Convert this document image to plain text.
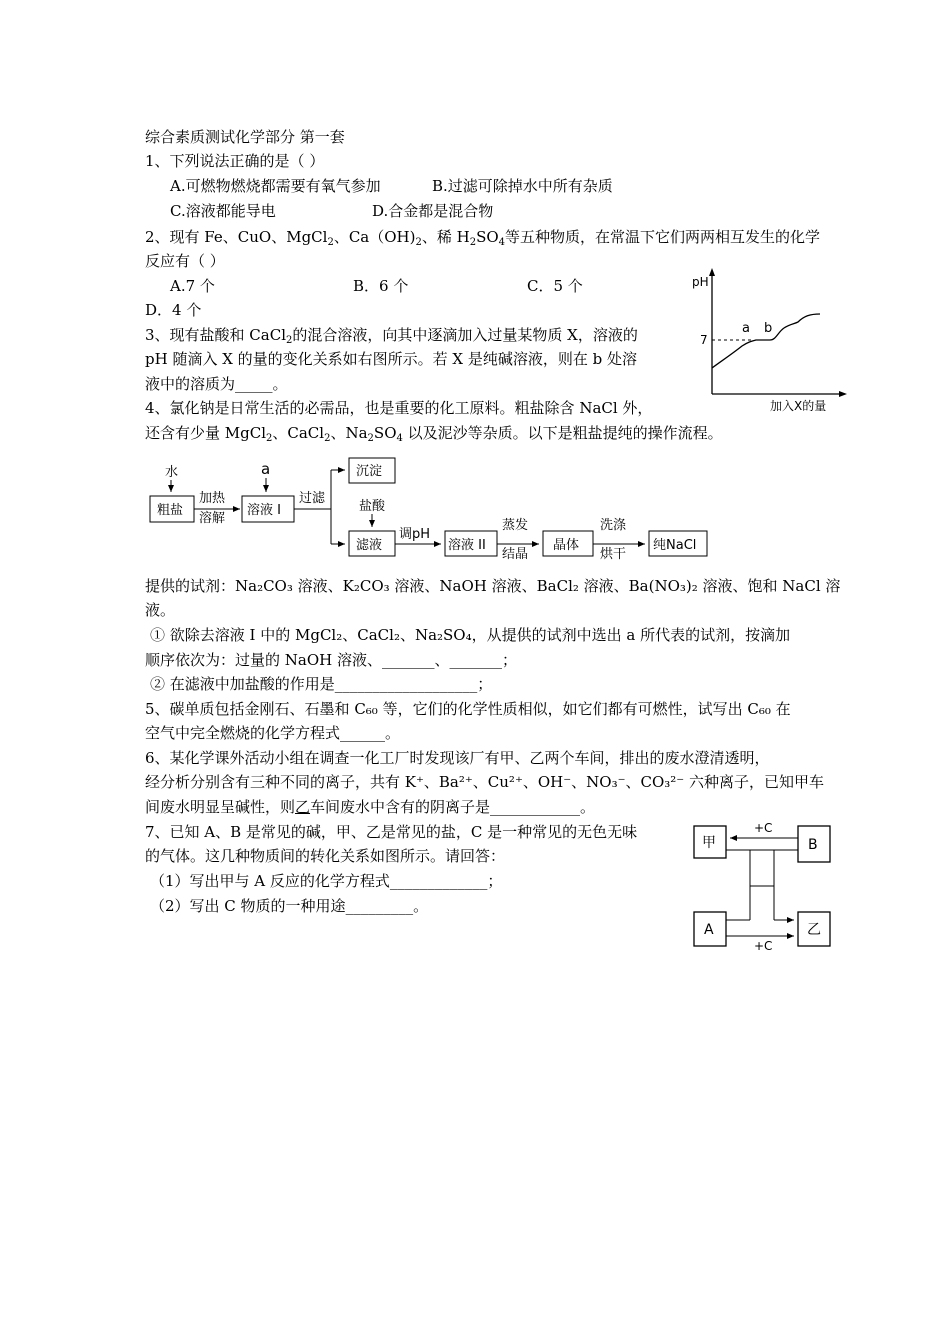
综合素质测试化学部分 第一套
1、下列说法正确的是（ ）
A.可燃物燃烧都需要有氧气参加	B.过滤可除掉水中所有杂质
C.溶液都能导电	D.合金都是混合物
2、现有 Fe、CuO、MgCl$_2$、$Ca(OH)_2$、稀 $H_2SO_4$等五种物质，在常温下它们两两相互发生的化学
反应有（ ）
A.7 个	B．6 个	C．5 个
D．4 个
3、现有盐酸和 CaCl$_2$的混合溶液，向其中逐滴加入过量某物质 X，溶液的
pH 随滴入 X 的量的变化关系如右图所示。若 X 是纯碱溶液，则在 b 处溶
液中的溶质为_____。
pH
7
a b
加入X的量
4、氯化钠是日常生活的必需品，也是重要的化工原料。粗盐除含 NaCl 外，
还含有少量 MgCl$_2$、CaCl$_2$、$Na_2SO_4$ 以及泥沙等杂质。以下是粗盐提纯的操作流程。
水
粗盐
加热
溶解
a
溶液 I
过滤
沉淀
盐酸
滤液
调pH
溶液 II
蒸发
结晶
晶体
洗涤
烘干
纯NaCl
提供的试剂：Na₂CO₃ 溶液、K₂CO₃ 溶液、NaOH 溶液、BaCl₂ 溶液、Ba(NO₃)₂ 溶液、饱和 NaCl 溶
液。
① 欲除去溶液 I 中的 MgCl₂、CaCl₂、Na₂SO₄，从提供的试剂中选出 a 所代表的试剂，按滴加
顺序依次为：过量的 NaOH 溶液、_______、_______；
② 在滤液中加盐酸的作用是___________________；
5、碳单质包括金刚石、石墨和 C₆₀ 等，它们的化学性质相似，如它们都有可燃性，试写出 C₆₀ 在
空气中完全燃烧的化学方程式______。
6、某化学课外活动小组在调查一化工厂时发现该厂有甲、乙两个车间，排出的废水澄清透明，
经分析分别含有三种不同的离子，共有 K⁺、Ba²⁺、Cu²⁺、OH⁻、NO₃⁻、CO₃²⁻ 六种离子，已知甲车
间废水明显呈碱性，则乙车间废水中含有的阴离子是____________。
7、已知 A、B 是常见的碱，甲、乙是常见的盐，C 是一种常见的无色无味
的气体。这几种物质间的转化关系如图所示。请回答：
（1）写出甲与 A 反应的化学方程式_____________；
（2）写出 C 物质的一种用途_________。
甲	B
A	乙
+C
+C
